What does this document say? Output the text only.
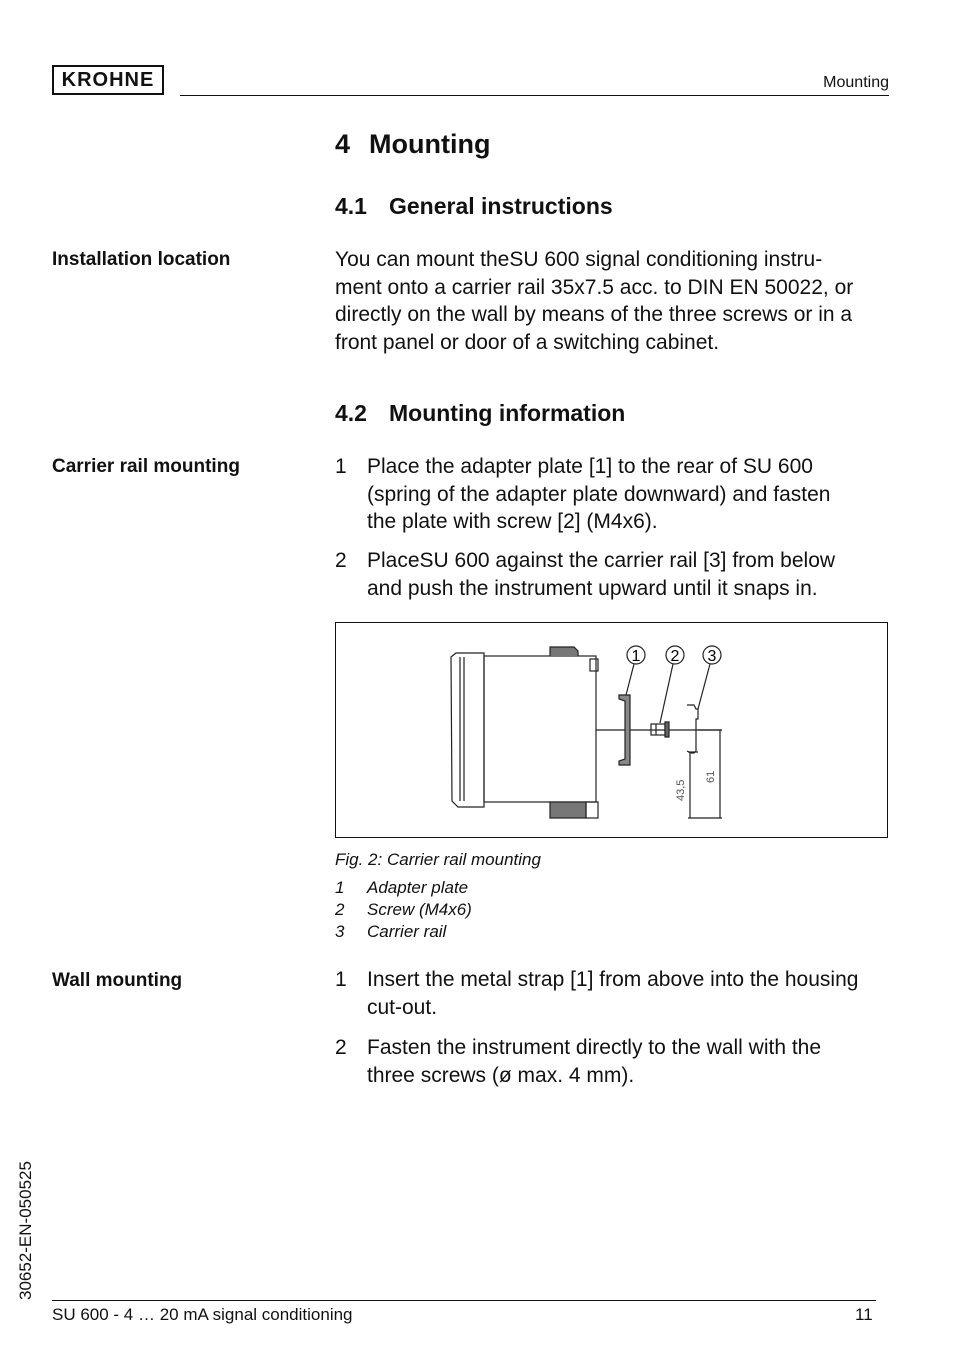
KROHNE	Mounting
4 Mounting
4.1 General instructions
Installation location	You can mount theSU 600 signal conditioning instru-
ment onto a carrier rail 35x7.5 acc. to DIN EN 50022, or
directly on the wall by means of the three screws or in a
front panel or door of a switching cabinet.
4.2 Mounting information
Carrier rail mounting	1 Place the adapter plate [1] to the rear of SU 600
(spring of the adapter plate downward) and fasten
the plate with screw [2] (M4x6).
2 PlaceSU 600 against the carrier rail [3] from below
and push the instrument upward until it snaps in.
1 2 3
43,5
61
Fig. 2: Carrier rail mounting
1 Adapter plate
2 Screw (M4x6)
3 Carrier rail
Wall mounting	1 Insert the metal strap [1] from above into the housing
cut-out.
2 Fasten the instrument directly to the wall with the
three screws (ø max. 4 mm).
30652-EN-050525
SU 600 - 4 … 20 mA signal conditioning	11
